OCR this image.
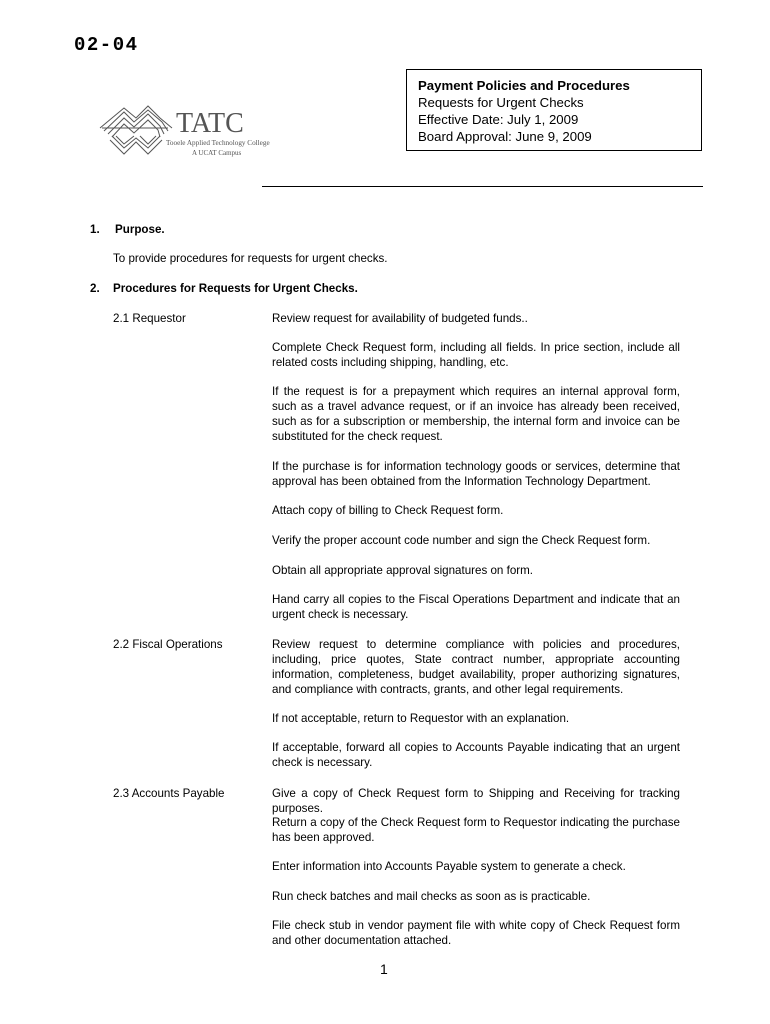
02-04
TATC
Tooele Applied Technology College
A UCAT Campus
Payment Policies and Procedures
Requests for Urgent Checks
Effective Date: July 1, 2009
Board Approval: June 9, 2009

1. Purpose.

To provide procedures for requests for urgent checks.

2. Procedures for Requests for Urgent Checks.

2.1 Requestor	Review request for availability of budgeted funds..

Complete Check Request form, including all fields. In price section, include all related costs including shipping, handling, etc.

If the request is for a prepayment which requires an internal approval form, such as a travel advance request, or if an invoice has already been received, such as for a subscription or membership, the internal form and invoice can be substituted for the check request.

If the purchase is for information technology goods or services, determine that approval has been obtained from the Information Technology Department.

Attach copy of billing to Check Request form.

Verify the proper account code number and sign the Check Request form.

Obtain all appropriate approval signatures on form.

Hand carry all copies to the Fiscal Operations Department and indicate that an urgent check is necessary.

2.2 Fiscal Operations	Review request to determine compliance with policies and procedures, including, price quotes, State contract number, appropriate accounting information, completeness, budget availability, proper authorizing signatures, and compliance with contracts, grants, and other legal requirements.

If not acceptable, return to Requestor with an explanation.

If acceptable, forward all copies to Accounts Payable indicating that an urgent check is necessary.

2.3 Accounts Payable	Give a copy of Check Request form to Shipping and Receiving for tracking purposes.

Return a copy of the Check Request form to Requestor indicating the purchase has been approved.

Enter information into Accounts Payable system to generate a check.

Run check batches and mail checks as soon as is practicable.

File check stub in vendor payment file with white copy of Check Request form and other documentation attached.

1
